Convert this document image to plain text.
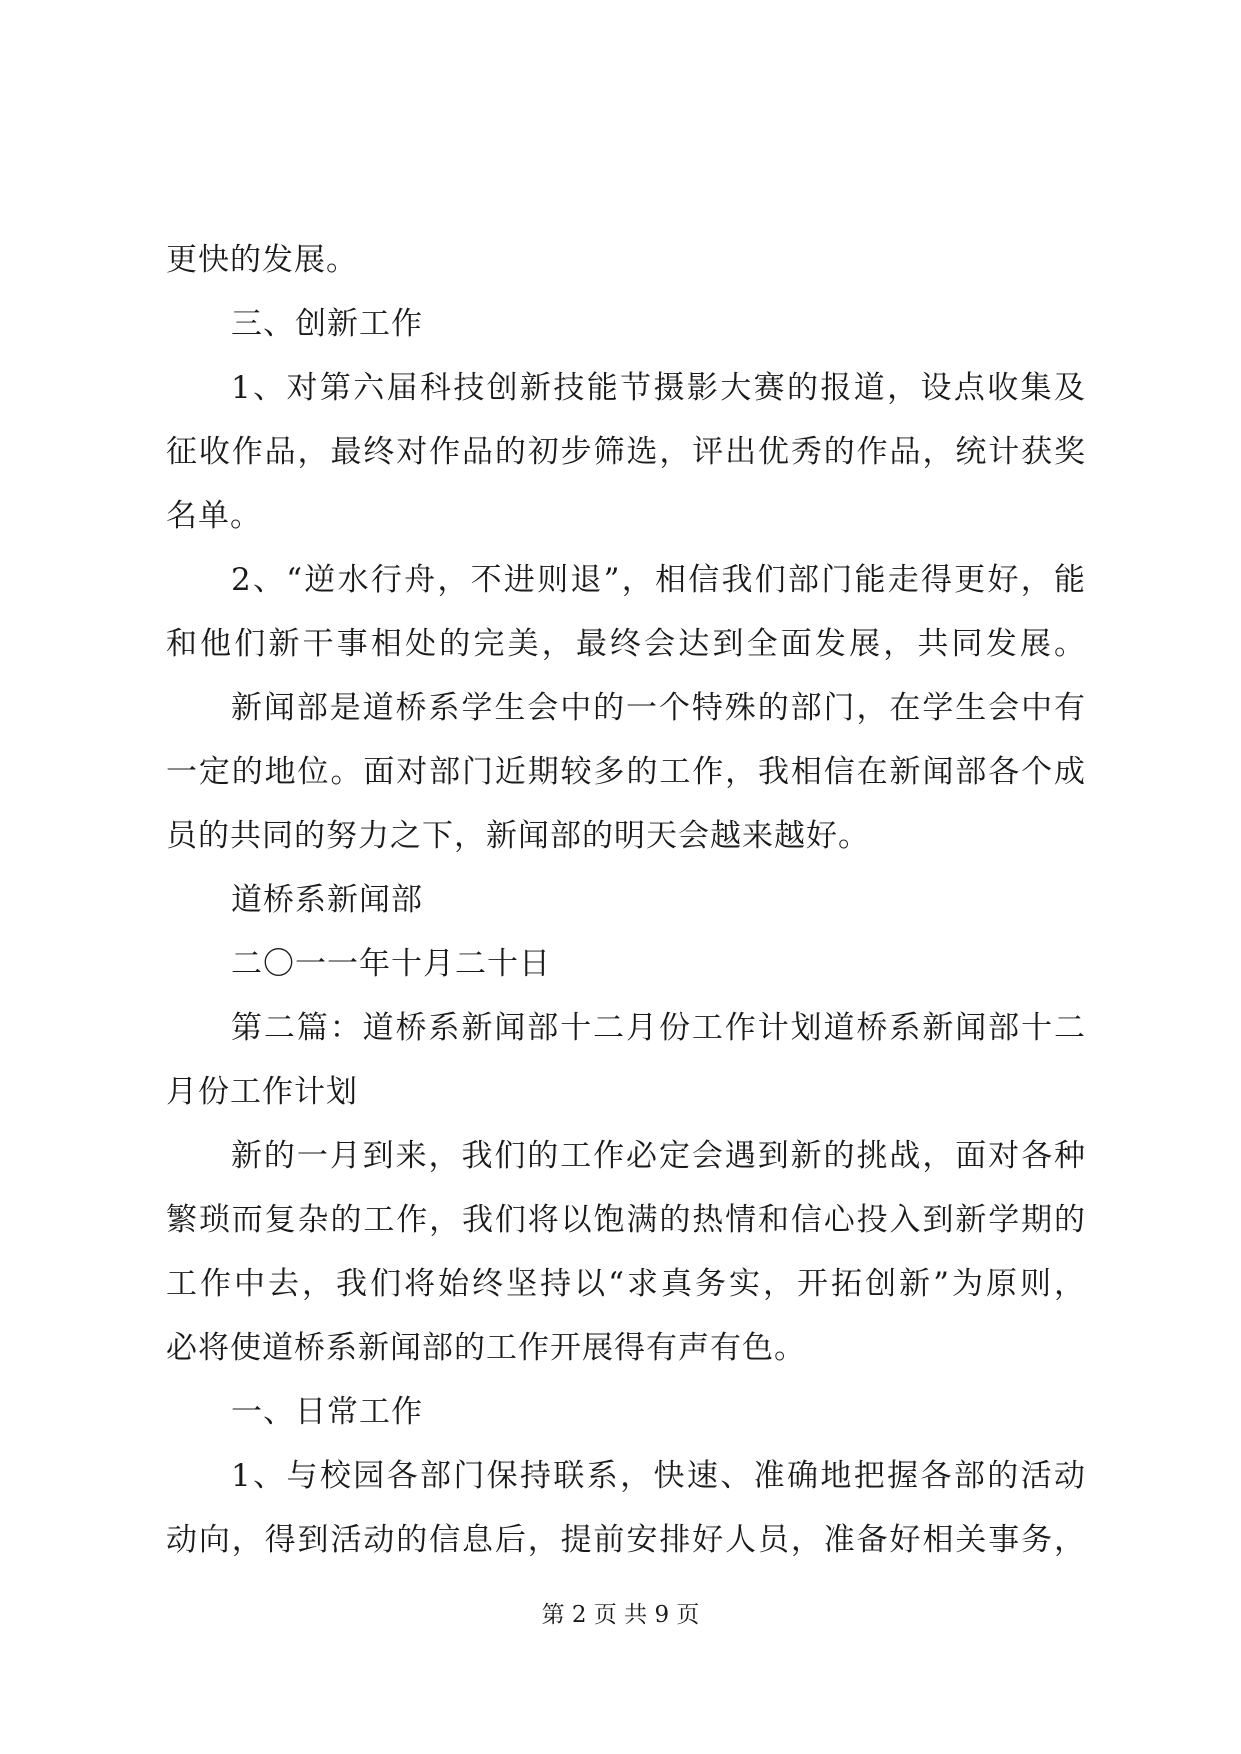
更快的发展。
三、创新工作
1、对第六届科技创新技能节摄影大赛的报道，设点收集及
征收作品，最终对作品的初步筛选，评出优秀的作品，统计获奖
名单。
2、“逆水行舟，不进则退”，相信我们部门能走得更好，能
和他们新干事相处的完美，最终会达到全面发展，共同发展。
新闻部是道桥系学生会中的一个特殊的部门，在学生会中有
一定的地位。面对部门近期较多的工作，我相信在新闻部各个成
员的共同的努力之下，新闻部的明天会越来越好。
道桥系新闻部
二〇一一年十月二十日
第二篇：道桥系新闻部十二月份工作计划道桥系新闻部十二
月份工作计划
新的一月到来，我们的工作必定会遇到新的挑战，面对各种
繁琐而复杂的工作，我们将以饱满的热情和信心投入到新学期的
工作中去，我们将始终坚持以“求真务实，开拓创新”为原则，
必将使道桥系新闻部的工作开展得有声有色。
一、日常工作
1、与校园各部门保持联系，快速、准确地把握各部的活动
动向，得到活动的信息后，提前安排好人员，准备好相关事务，
第 2 页 共 9 页
